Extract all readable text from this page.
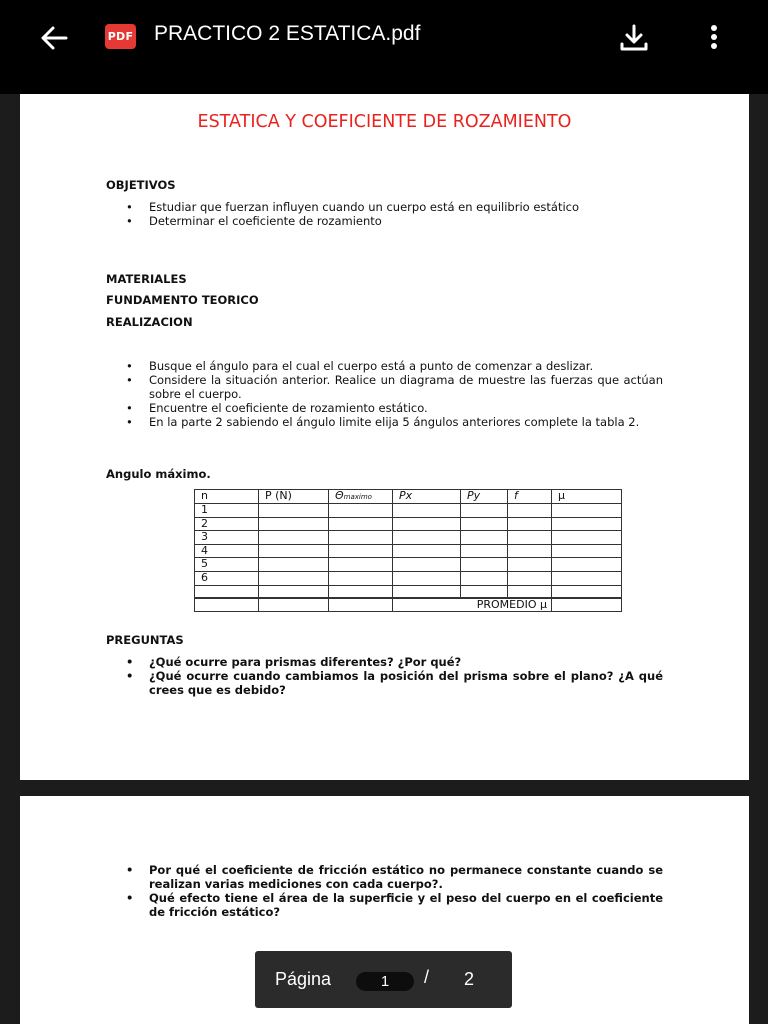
PDF PRACTICO 2 ESTATICA.pdf
ESTATICA Y COEFICIENTE DE ROZAMIENTO
OBJETIVOS
•	Estudiar que fuerzan influyen cuando un cuerpo está en equilibrio estático
•	Determinar el coeficiente de rozamiento
MATERIALES
FUNDAMENTO TEORICO
REALIZACION
•	Busque el ángulo para el cual el cuerpo está a punto de comenzar a deslizar.
•	Considere la situación anterior. Realice un diagrama de muestre las fuerzas que actúan sobre el cuerpo.
•	Encuentre el coeficiente de rozamiento estático.
•	En la parte 2 sabiendo el ángulo limite elija 5 ángulos anteriores complete la tabla 2.
Angulo máximo.
n	P (N)	Θmaximo	Px	Py	f	μ
1						
2						
3						
4						
5						
6						

			PROMEDIO μ	
PREGUNTAS
•	¿Qué ocurre para prismas diferentes? ¿Por qué?
•	¿Qué ocurre cuando cambiamos la posición del prisma sobre el plano? ¿A qué crees que es debido?
•	Por qué el coeficiente de fricción estático no permanece constante cuando se realizan varias mediciones con cada cuerpo?.
•	Qué efecto tiene el área de la superficie y el peso del cuerpo en el coeficiente de fricción estático?
Página	1	/ 2
